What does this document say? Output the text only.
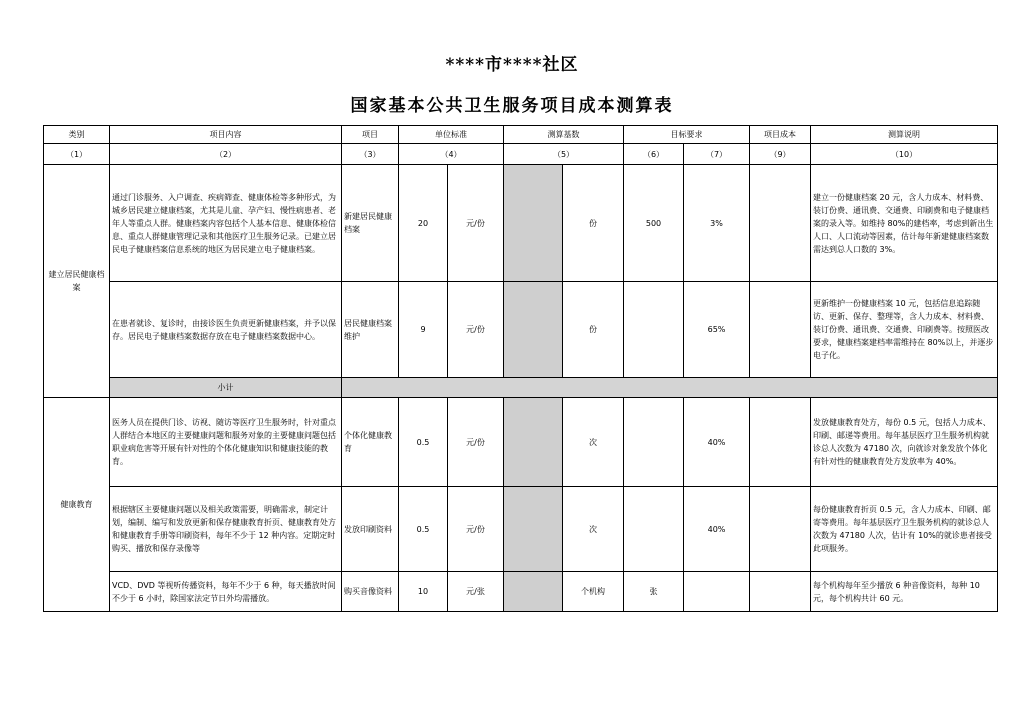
****市****社区
国家基本公共卫生服务项目成本测算表
类别	项目内容	项目	单位标准		测算基数		目标要求		项目成本	测算说明
（1）	（2）	（3）	（4）		（5）		（6）	（7）	（9）	（10）
建立居民健康档案	通过门诊服务、入户调查、疾病筛查、健康体检等多种形式，为城乡居民建立健康档案，尤其是儿童、孕产妇、慢性病患者、老年人等重点人群。健康档案内容包括个人基本信息、健康体检信息、重点人群健康管理记录和其他医疗卫生服务记录。已建立居民电子健康档案信息系统的地区为居民建立电子健康档案。	新建居民健康档案	20	元/份		份	500	3%		建立一份健康档案 20 元，含人力成本、材料费、装订份费、通讯费、交通费、印刷费和电子健康档案的录入等。如维持 80%的建档率，考虑到新出生人口、人口流动等因素，估计每年新建健康档案数需达到总人口数的 3%。
	在患者就诊、复诊时，由接诊医生负责更新健康档案，并予以保存。居民电子健康档案数据存放在电子健康档案数据中心。	居民健康档案维护	9	元/份		份		65%		更新维护一份健康档案 10 元，包括信息追踪随访、更新、保存、整理等，含人力成本、材料费、装订份费、通讯费、交通费、印刷费等。按照医改要求，健康档案建档率需维持在 80%以上，并逐步电子化。
	小计									
健康教育	医务人员在提供门诊、访视、随访等医疗卫生服务时，针对重点人群结合本地区的主要健康问题和服务对象的主要健康问题包括职业病危害等开展有针对性的个体化健康知识和健康技能的教育。	个体化健康教育	0.5	元/份		次		40%		发放健康教育处方，每份 0.5 元，包括人力成本、印刷、邮递等费用。每年基层医疗卫生服务机构就诊总人次数为 47180 次，向就诊对象发放个体化有针对性的健康教育处方发放率为 40%。
	根据辖区主要健康问题以及相关政策需要，明确需求，制定计划，编制、编写和发放更新和保存健康教育折页、健康教育处方和健康教育手册等印刷资料，每年不少于 12 种内容。定期定时购买、播放和保存录像等	发放印刷资料	0.5	元/份		次		40%		每份健康教育折页 0.5 元，含人力成本、印刷、邮寄等费用。每年基层医疗卫生服务机构的就诊总人次数为 47180 人次，估计有 10%的就诊患者接受此项服务。
	VCD、DVD 等视听传播资料，每年不少于 6 种，每天播放时间不少于 6 小时，除国家法定节日外均需播放。	购买音像资料	10	元/张		个机构	张			每个机构每年至少播放 6 种音像资料，每种 10 元，每个机构共计 60 元。
